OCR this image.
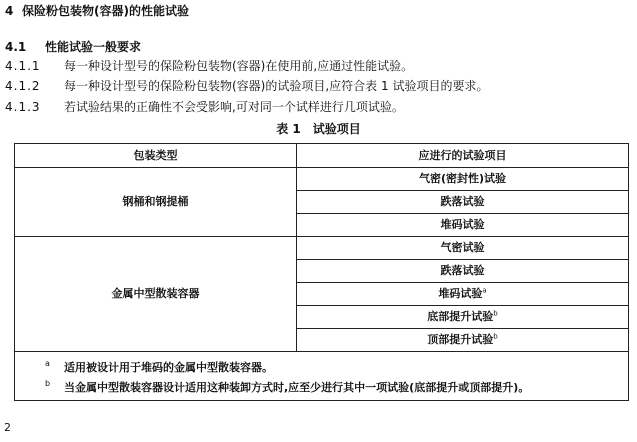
4 保险粉包装物(容器)的性能试验
4.1 性能试验一般要求
4.1.1 每一种设计型号的保险粉包装物(容器)在使用前,应通过性能试验。
4.1.2 每一种设计型号的保险粉包装物(容器)的试验项目,应符合表 1 试验项目的要求。
4.1.3 若试验结果的正确性不会受影响,可对同一个试样进行几项试验。
表 1　试验项目
包装类型	应进行的试验项目
钢桶和钢提桶	气密(密封性)试验
	跌落试验
	堆码试验
金属中型散装容器	气密试验
	跌落试验
	堆码试验$^a$
	底部提升试验$^b$
	顶部提升试验$^b$

a 适用被设计用于堆码的金属中型散装容器。
b 当金属中型散装容器设计适用这种装卸方式时,应至少进行其中一项试验(底部提升或顶部提升)。	
2
